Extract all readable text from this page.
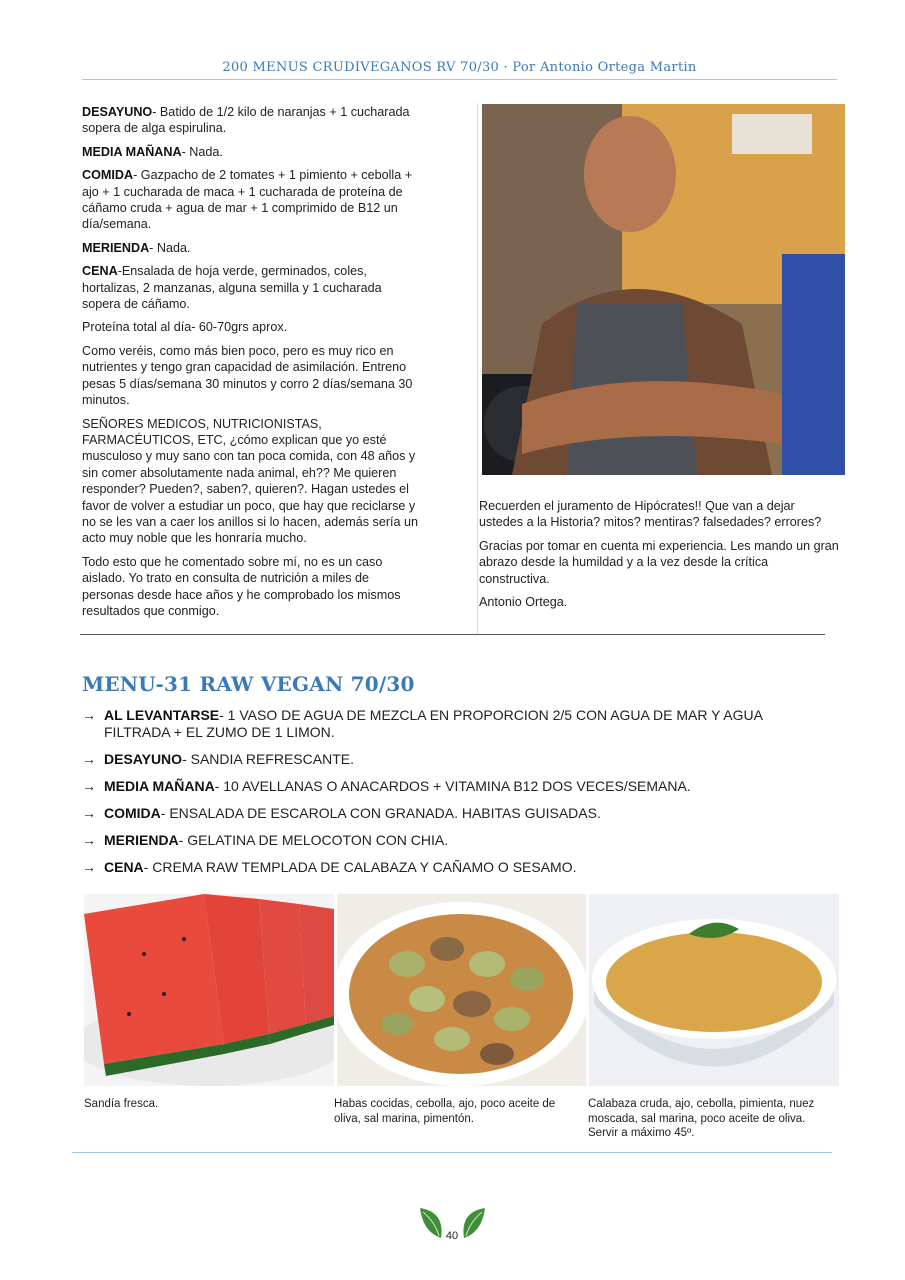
200 MENUS CRUDIVEGANOS RV 70/30 · Por Antonio Ortega Martin

DESAYUNO- Batido de 1/2 kilo de naranjas + 1 cucharada sopera de alga espirulina.

MEDIA MAÑANA- Nada.

COMIDA- Gazpacho de 2 tomates + 1 pimiento + cebolla + ajo + 1 cucharada de maca + 1 cucharada de proteína de cáñamo cruda + agua de mar + 1 comprimido de B12 un día/semana.

MERIENDA- Nada.

CENA-Ensalada de hoja verde, germinados, coles, hortalizas, 2 manzanas, alguna semilla y 1 cucharada sopera de cáñamo.

Proteína total al día- 60-70grs aprox.

Como veréis, como más bien poco, pero es muy rico en nutrientes y tengo gran capacidad de asimilación. Entreno pesas 5 días/semana 30 minutos y corro 2 días/semana 30 minutos.

SEÑORES MEDICOS, NUTRICIONISTAS, FARMACÉUTICOS, ETC, ¿cómo explican que yo esté musculoso y muy sano con tan poca comida, con 48 años y sin comer absolutamente nada animal, eh?? Me quieren responder? Pueden?, saben?, quieren?. Hagan ustedes el favor de volver a estudiar un poco, que hay que reciclarse y no se les van a caer los anillos si lo hacen, además sería un acto muy noble que les honraría mucho.

Todo esto que he comentado sobre mí, no es un caso aislado. Yo trato en consulta de nutrición a miles de personas desde hace años y he comprobado los mismos resultados que conmigo.

Recuerden el juramento de Hipócrates!! Que van a dejar ustedes a la Historia? mitos? mentiras? falsedades? errores?

Gracias por tomar en cuenta mi experiencia. Les mando un gran abrazo desde la humildad y a la vez desde la crítica constructiva.

Antonio Ortega.

MENU-31 RAW VEGAN 70/30
→ AL LEVANTARSE- 1 VASO DE AGUA DE MEZCLA EN PROPORCION 2/5 CON AGUA DE MAR Y AGUA FILTRADA + EL ZUMO DE 1 LIMON.
→ DESAYUNO- SANDIA REFRESCANTE.
→ MEDIA MAÑANA- 10 AVELLANAS O ANACARDOS + VITAMINA B12 DOS VECES/SEMANA.
→ COMIDA- ENSALADA DE ESCAROLA CON GRANADA. HABITAS GUISADAS.
→ MERIENDA- GELATINA DE MELOCOTON CON CHIA.
→ CENA- CREMA RAW TEMPLADA DE CALABAZA Y CAÑAMO O SESAMO.
Sandía fresca.	Habas cocidas, cebolla, ajo, poco aceite de oliva, sal marina, pimentón.
Calabaza cruda, ajo, cebolla, pimienta, nuez moscada, sal marina, poco aceite de oliva. Servir a máximo 45º.
40
